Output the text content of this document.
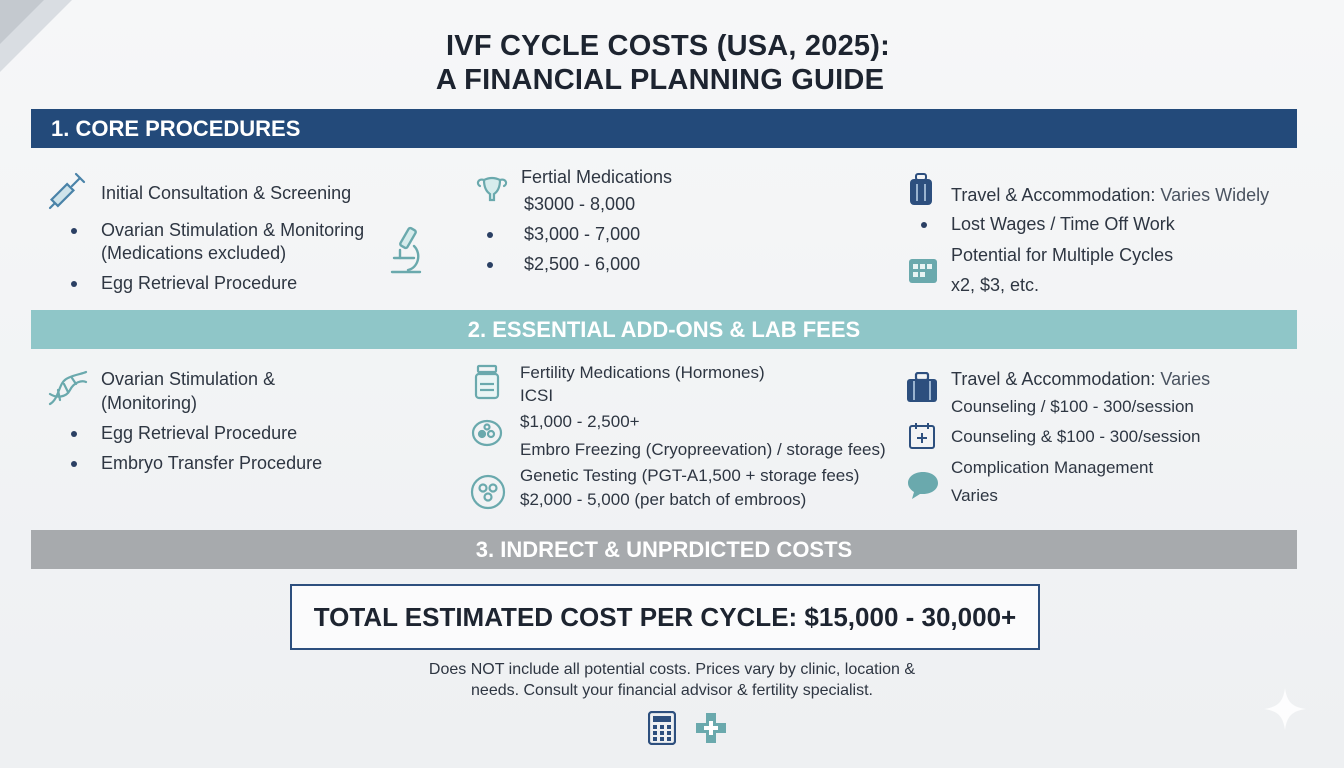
IVF CYCLE COSTS (USA, 2025):
A FINANCIAL PLANNING GUIDE
1. CORE PROCEDURES
Initial Consultation & Screening
Ovarian Stimulation & Monitoring
(Medications excluded)
Egg Retrieval Procedure
Fertial Medications
$3000 - 8,000
$3,000 - 7,000
$2,500 - 6,000
Travel & Accommodation: Varies Widely
Lost Wages / Time Off Work
Potential for Multiple Cycles
x2, $3, etc.
2. ESSENTIAL ADD-ONS & LAB FEES
Ovarian Stimulation &
(Monitoring)
Egg Retrieval Procedure
Embryo Transfer Procedure
Fertility Medications (Hormones)
ICSI
$1,000 - 2,500+
Embro Freezing (Cryopreevation) / storage fees)
Genetic Testing (PGT-A1,500 + storage fees)
$2,000 - 5,000 (per batch of embroos)
Travel & Accommodation: Varies
Counseling / $100 - 300/session
Counseling & $100 - 300/session
Complication Management
Varies
3. INDRECT & UNPRDICTED COSTS
TOTAL ESTIMATED COST PER CYCLE: $15,000 - 30,000+
Does NOT include all potential costs. Prices vary by clinic, location &
needs. Consult your financial advisor & fertility specialist.
